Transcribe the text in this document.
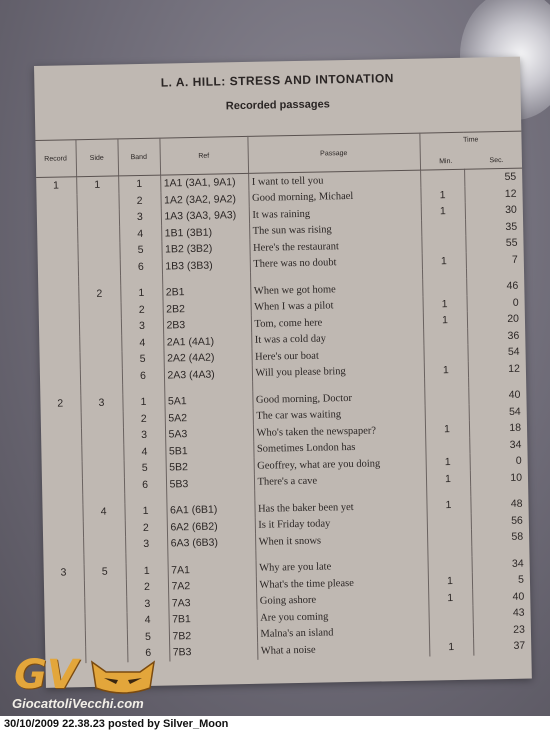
L. A. HILL: STRESS AND INTONATION
Recorded passages
Record	Side	Band	Ref	Passage	Time
Min. Sec.	

1	1	1	1A1 (3A1, 9A1)	I want to tell you		55
		2	1A2 (3A2, 9A2)	Good morning, Michael	1	12
		3	1A3 (3A3, 9A3)	It was raining	1	30
		4	1B1 (3B1)	The sun was rising		35
		5	1B2 (3B2)	Here's the restaurant		55
		6	1B3 (3B3)	There was no doubt	1	7

	2	1	2B1	When we got home		46
		2	2B2	When I was a pilot	1	0
		3	2B3	Tom, come here	1	20
		4	2A1 (4A1)	It was a cold day		36
		5	2A2 (4A2)	Here's our boat		54
		6	2A3 (4A3)	Will you please bring	1	12

2	3	1	5A1	Good morning, Doctor		40
		2	5A2	The car was waiting		54
		3	5A3	Who's taken the newspaper?	1	18
		4	5B1	Sometimes London has		34
		5	5B2	Geoffrey, what are you doing	1	0
		6	5B3	There's a cave	1	10

	4	1	6A1 (6B1)	Has the baker been yet	1	48
		2	6A2 (6B2)	Is it Friday today		56
		3	6A3 (6B3)	When it snows		58

3	5	1	7A1	Why are you late		34
		2	7A2	What's the time please	1	5
		3	7A3	Going ashore	1	40
		4	7B1	Are you coming		43
		5	7B2	Malna's an island		23
		6	7B3	What a noise	1	37
GV
GiocattoliVecchi.com
30/10/2009 22.38.23 posted by Silver_Moon
